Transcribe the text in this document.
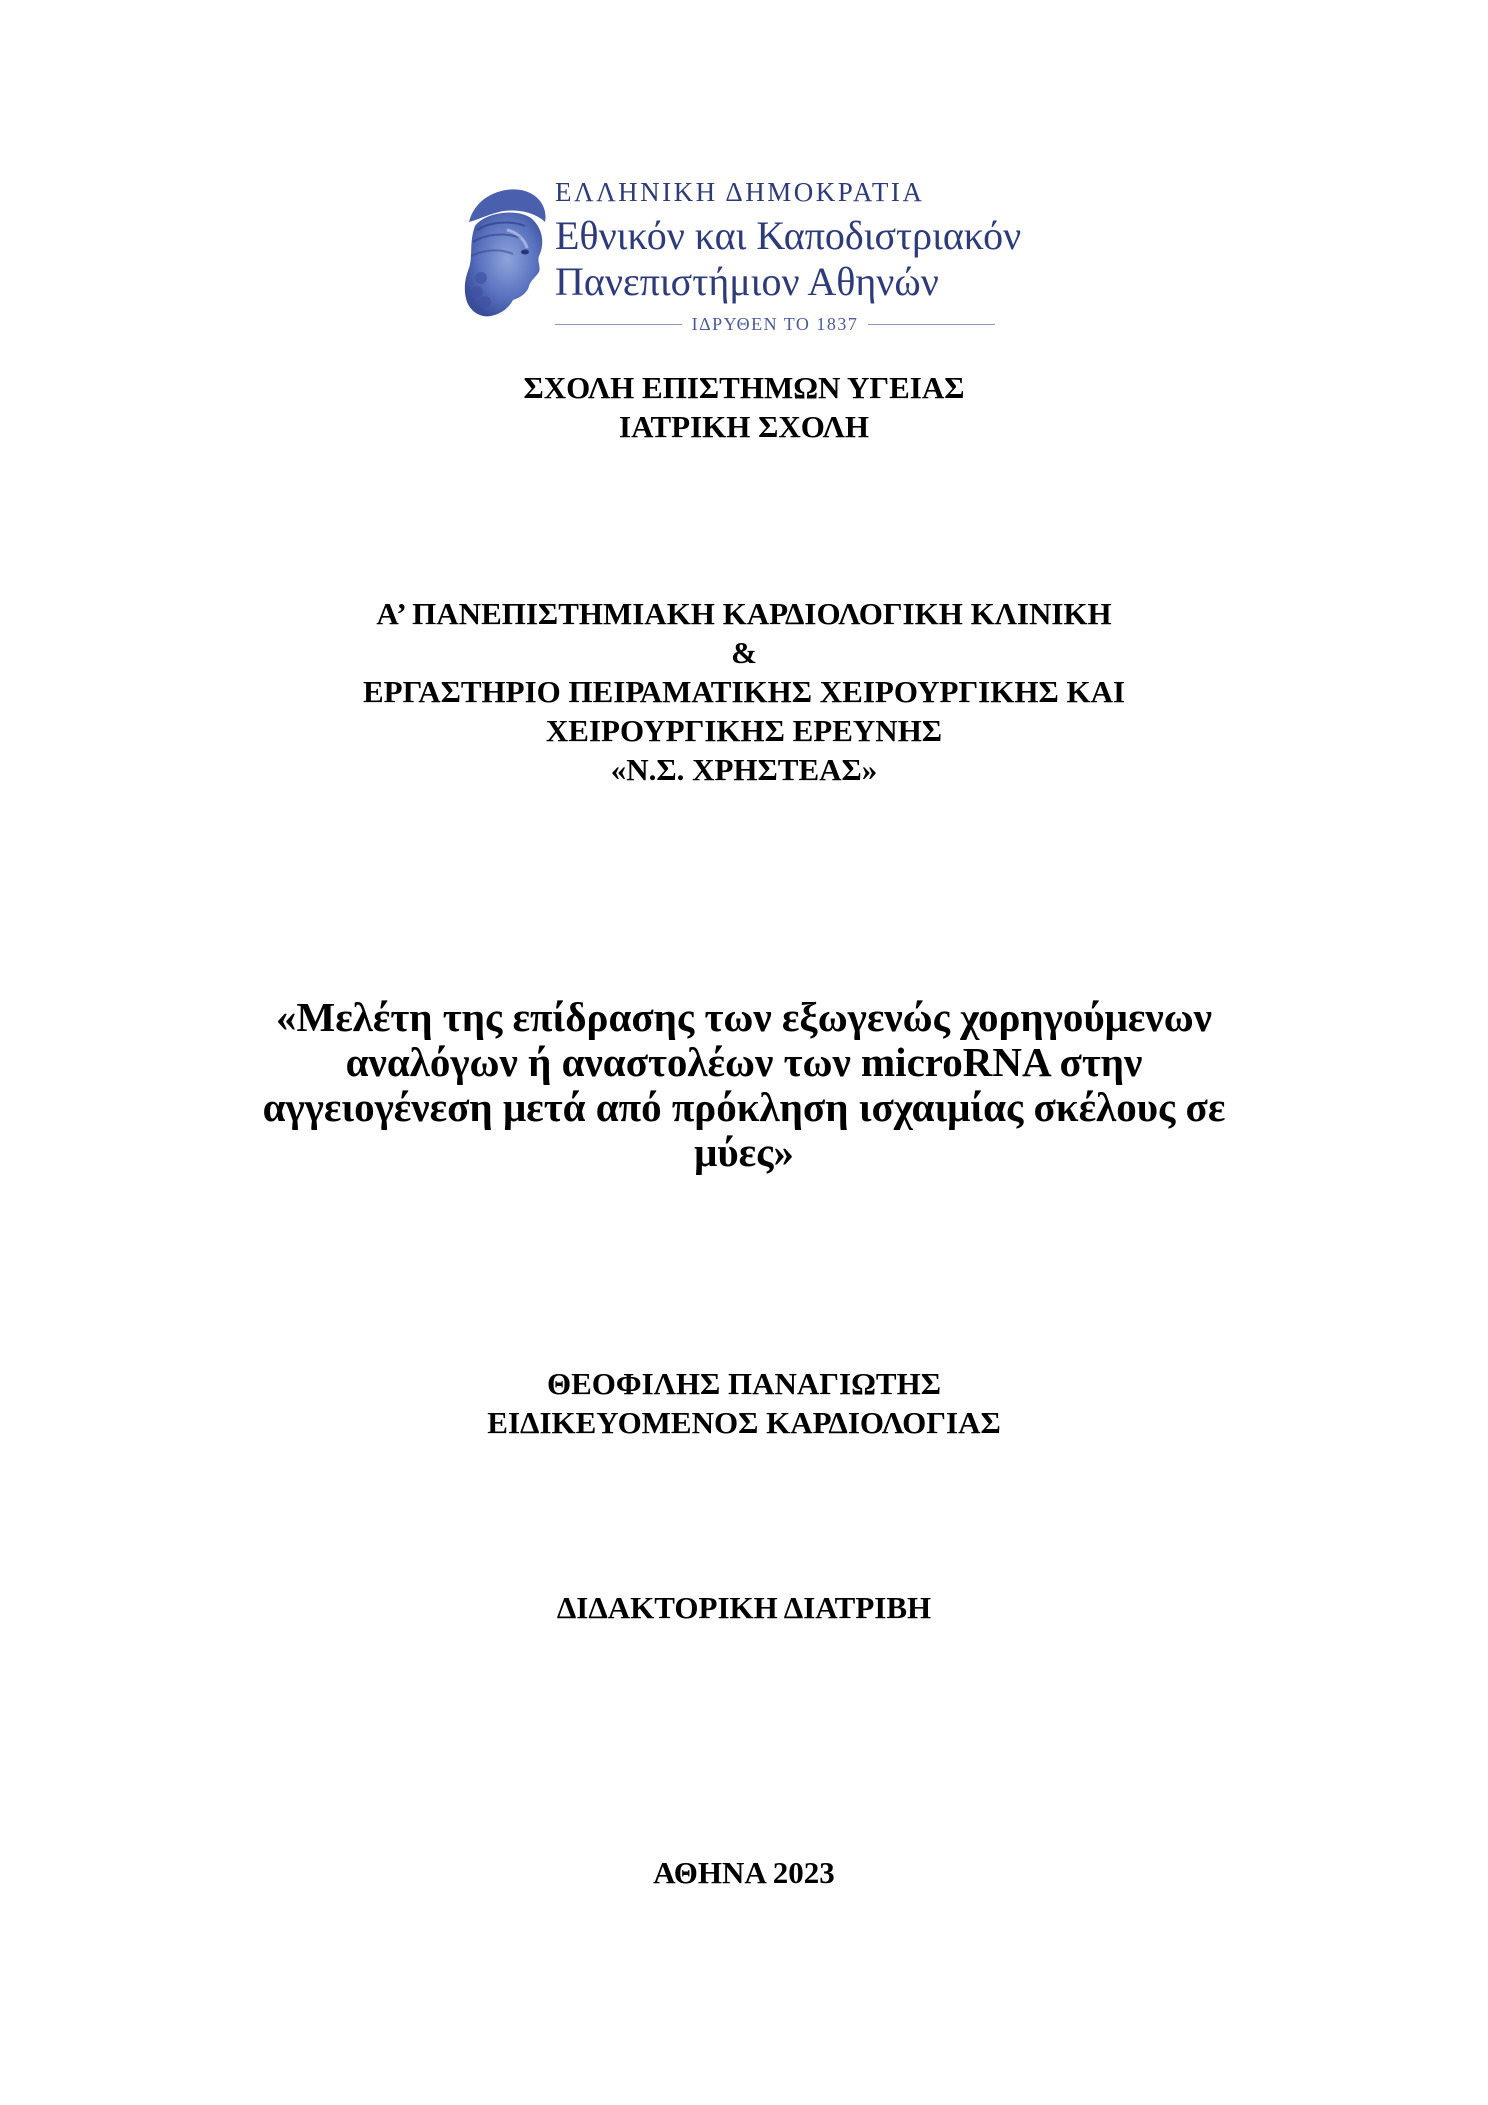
ΕΛΛΗΝΙΚΗ ΔΗΜΟΚΡΑΤΙΑ
Εθνικόν και Καποδιστριακόν
Πανεπιστήμιον Αθηνών
ΙΔΡΥΘΕΝ ΤΟ 1837
ΣΧΟΛΗ ΕΠΙΣΤΗΜΩΝ ΥΓΕΙΑΣ
ΙΑΤΡΙΚΗ ΣΧΟΛΗ
Α’ ΠΑΝΕΠΙΣΤΗΜΙΑΚΗ ΚΑΡΔΙΟΛΟΓΙΚΗ ΚΛΙΝΙΚΗ
&
ΕΡΓΑΣΤΗΡΙΟ ΠΕΙΡΑΜΑΤΙΚΗΣ ΧΕΙΡΟΥΡΓΙΚΗΣ ΚΑΙ
ΧΕΙΡΟΥΡΓΙΚΗΣ ΕΡΕΥΝΗΣ
«Ν.Σ. ΧΡΗΣΤΕΑΣ»
«Μελέτη της επίδρασης των εξωγενώς χορηγούμενων
αναλόγων ή αναστολέων των microRNA στην
αγγειογένεση μετά από πρόκληση ισχαιμίας σκέλους σε
μύες»
ΘΕΟΦΙΛΗΣ ΠΑΝΑΓΙΩΤΗΣ
ΕΙΔΙΚΕΥΟΜΕΝΟΣ ΚΑΡΔΙΟΛΟΓΙΑΣ
ΔΙΔΑΚΤΟΡΙΚΗ ΔΙΑΤΡΙΒΗ
ΑΘΗΝΑ 2023
